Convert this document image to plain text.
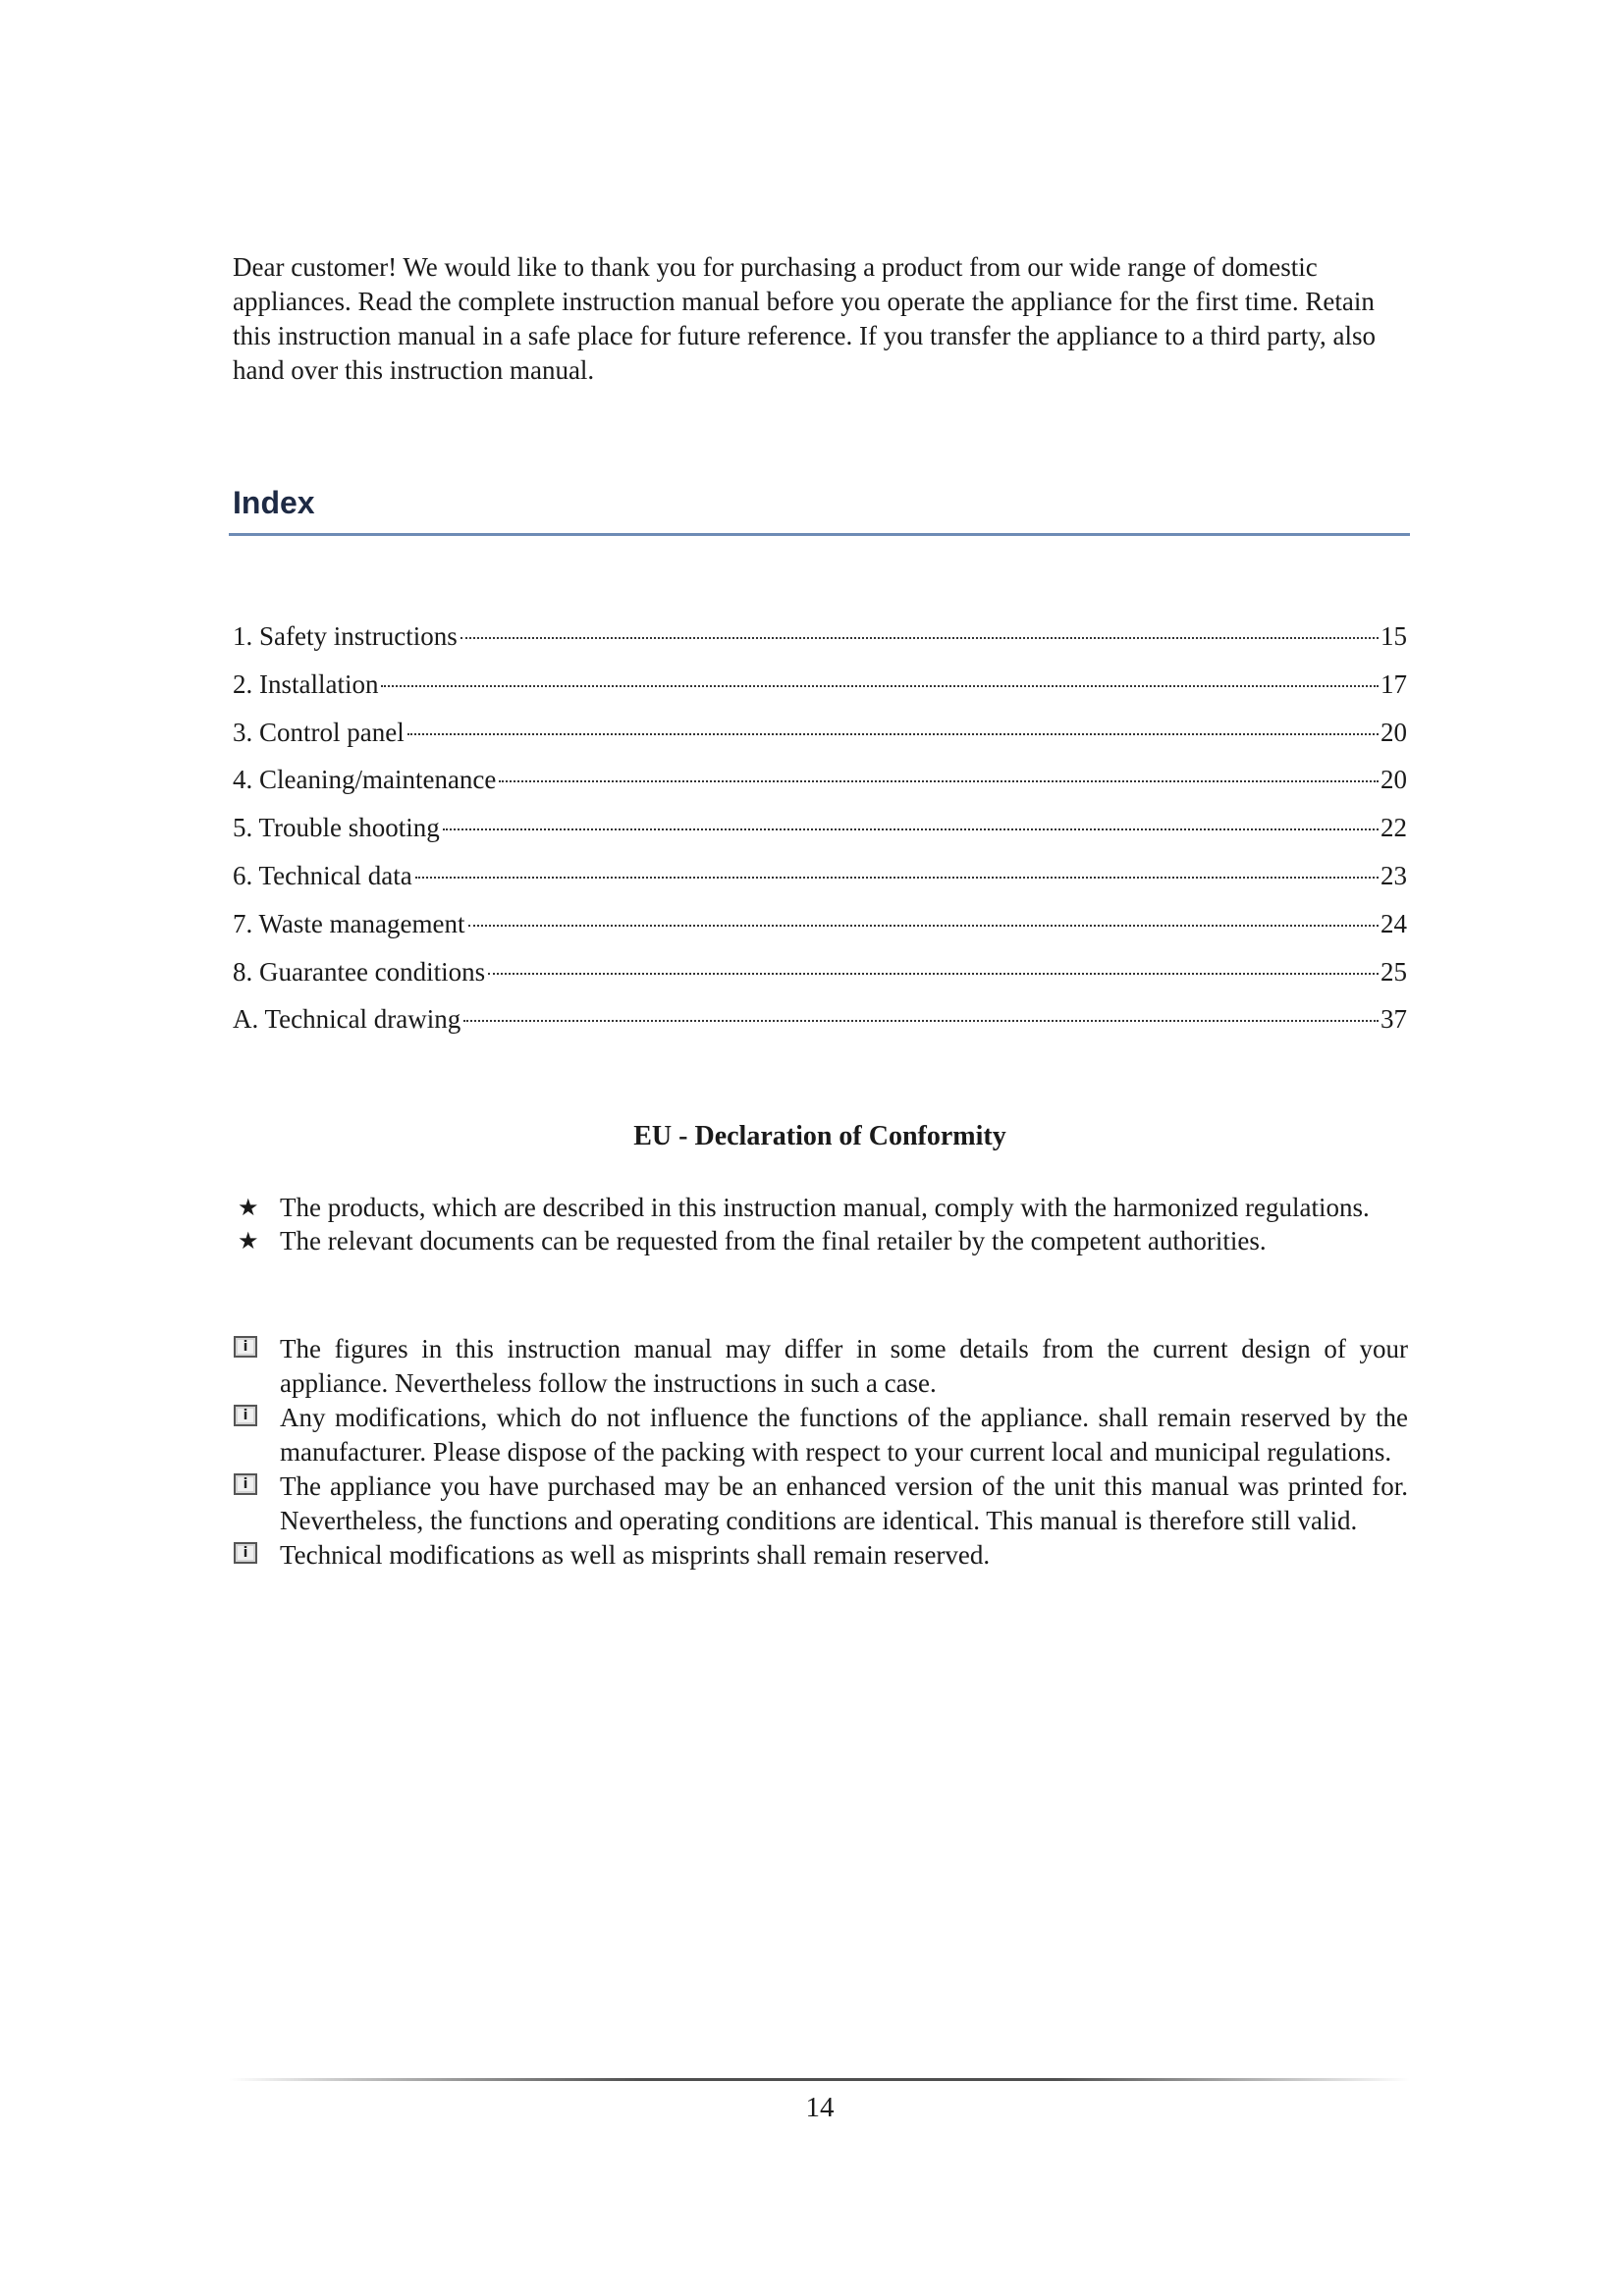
Dear customer! We would like to thank you for purchasing a product from our wide range of domestic appliances. Read the complete instruction manual before you operate the appliance for the first time. Retain this instruction manual in a safe place for future reference. If you transfer the appliance to a third party, also hand over this instruction manual.

Index
1. Safety instructions	15
2. Installation	17
3. Control panel	20
4. Cleaning/maintenance	20
5. Trouble shooting	22
6. Technical data	23
7. Waste management	24
8. Guarantee conditions	25
A. Technical drawing	37
EU - Declaration of Conformity
★ The products, which are described in this instruction manual, comply with the harmonized regulations.
★ The relevant documents can be requested from the final retailer by the competent authorities.
i	The figures in this instruction manual may differ in some details from the current design of your appliance. Nevertheless follow the instructions in such a case.
i	Any modifications, which do not influence the functions of the appliance. shall remain reserved by the manufacturer. Please dispose of the packing with respect to your current local and municipal regulations.
i	The appliance you have purchased may be an enhanced version of the unit this manual was printed for. Nevertheless, the functions and operating conditions are identical. This manual is therefore still valid.
i	Technical modifications as well as misprints shall remain reserved.

14
